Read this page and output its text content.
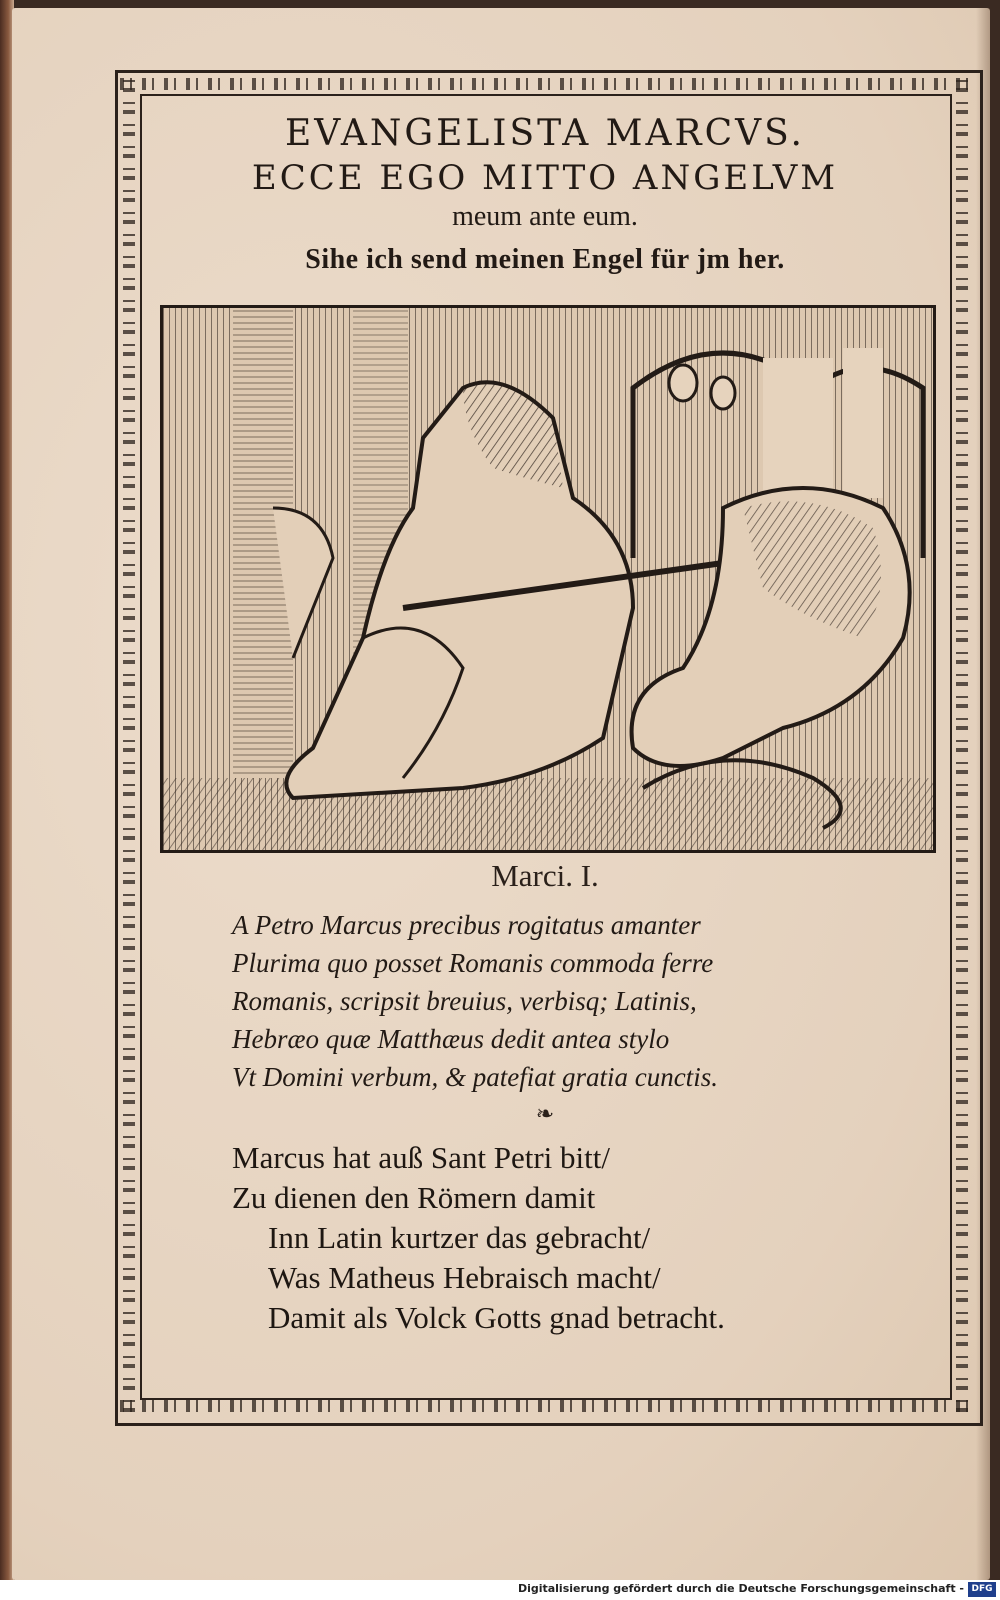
EVANGELISTA MARCVS.
ECCE EGO MITTO ANGELVM
meum ante eum.
Sihe ich send meinen Engel für jm her.
Marci. I.
A Petro Marcus precibus rogitatus amanter
Plurima quo posset Romanis commoda ferre
Romanis, scripsit breuius, verbisq; Latinis,
Hebræo quæ Matthæus dedit antea stylo
Vt Domini verbum, & patefiat gratia cunctis.
❧
Marcus hat auß Sant Petri bitt/
Zu dienen den Römern damit
Inn Latin kurtzer das gebracht/
Was Matheus Hebraisch macht/
Damit als Volck Gotts gnad betracht.
Digitalisierung gefördert durch die Deutsche Forschungsgemeinschaft - DFG
